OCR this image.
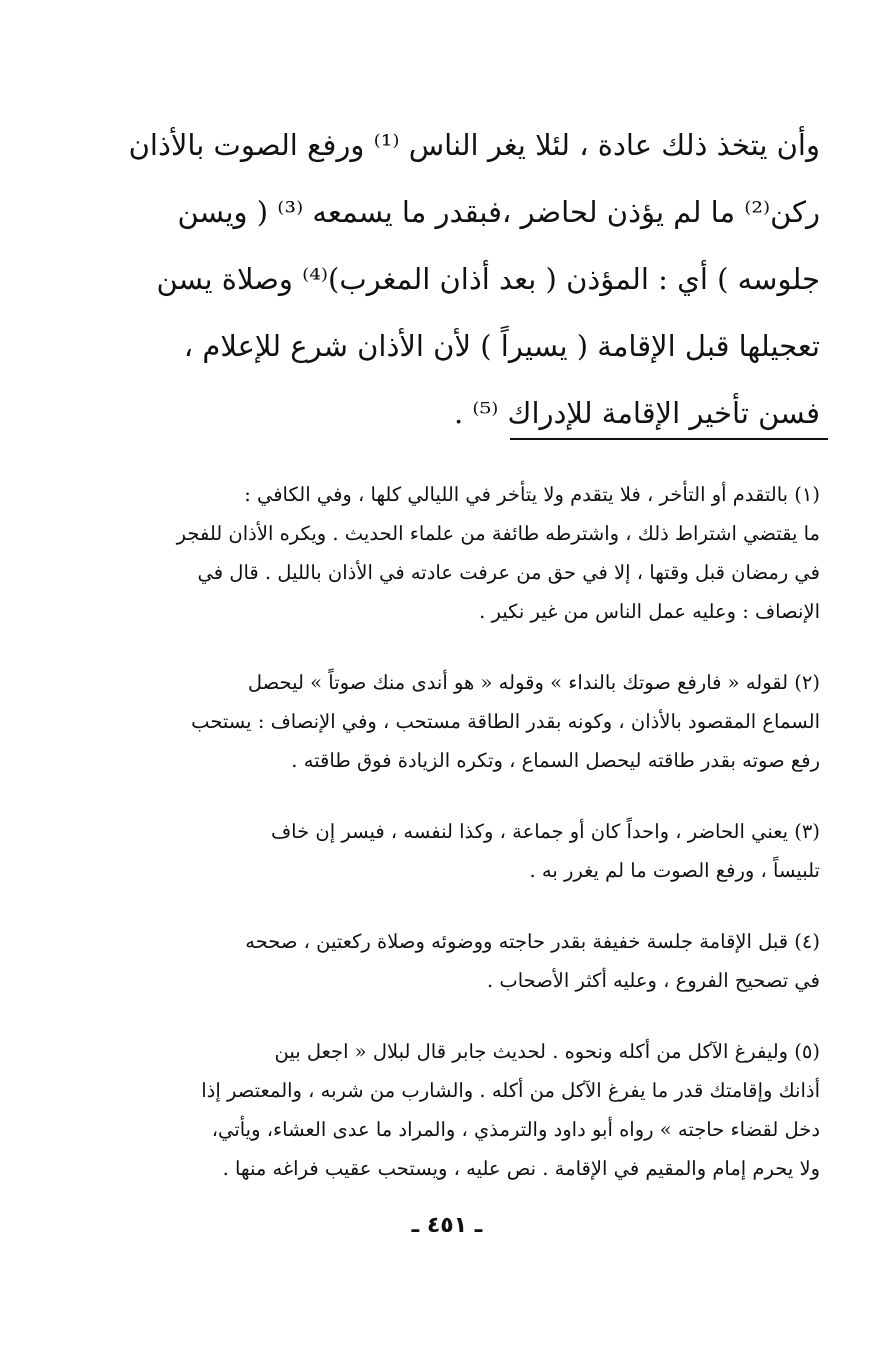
وأن يتخذ ذلك عادة ، لئلا يغر الناس ⁽¹⁾ ورفع الصوت بالأذان
ركن⁽²⁾ ما لم يؤذن لحاضر ،فبقدر ما يسمعه ⁽³⁾ ( ويسن
جلوسه ) أي : المؤذن ( بعد أذان المغرب)⁽⁴⁾ وصلاة يسن
تعجيلها قبل الإقامة ( يسيراً ) لأن الأذان شرع للإعلام ،
فسن تأخير الإقامة للإدراك ⁽⁵⁾ .
(١) بالتقدم أو التأخر ، فلا يتقدم ولا يتأخر في الليالي كلها ، وفي الكافي :
ما يقتضي اشتراط ذلك ، واشترطه طائفة من علماء الحديث . ويكره الأذان للفجر
في رمضان قبل وقتها ، إلا في حق من عرفت عادته في الأذان بالليل . قال في
الإنصاف : وعليه عمل الناس من غير نكير .
(٢) لقوله « فارفع صوتك بالنداء » وقوله « هو أندى منك صوتاً » ليحصل
السماع المقصود بالأذان ، وكونه بقدر الطاقة مستحب ، وفي الإنصاف : يستحب
رفع صوته بقدر طاقته ليحصل السماع ، وتكره الزيادة فوق طاقته .
(٣) يعني الحاضر ، واحداً كان أو جماعة ، وكذا لنفسه ، فيسر إن خاف
تلبيساً ، ورفع الصوت ما لم يغرر به .
(٤) قبل الإقامة جلسة خفيفة بقدر حاجته ووضوئه وصلاة ركعتين ، صححه
في تصحيح الفروع ، وعليه أكثر الأصحاب .
(٥) وليفرغ الآكل من أكله ونحوه . لحديث جابر قال لبلال « اجعل بين
أذانك وإقامتك قدر ما يفرغ الآكل من أكله . والشارب من شربه ، والمعتصر إذا
دخل لقضاء حاجته » رواه أبو داود والترمذي ، والمراد ما عدى العشاء، ويأتي،
ولا يحرم إمام والمقيم في الإقامة . نص عليه ، ويستحب عقيب فراغه منها .
ـ ٤٥١ ـ
